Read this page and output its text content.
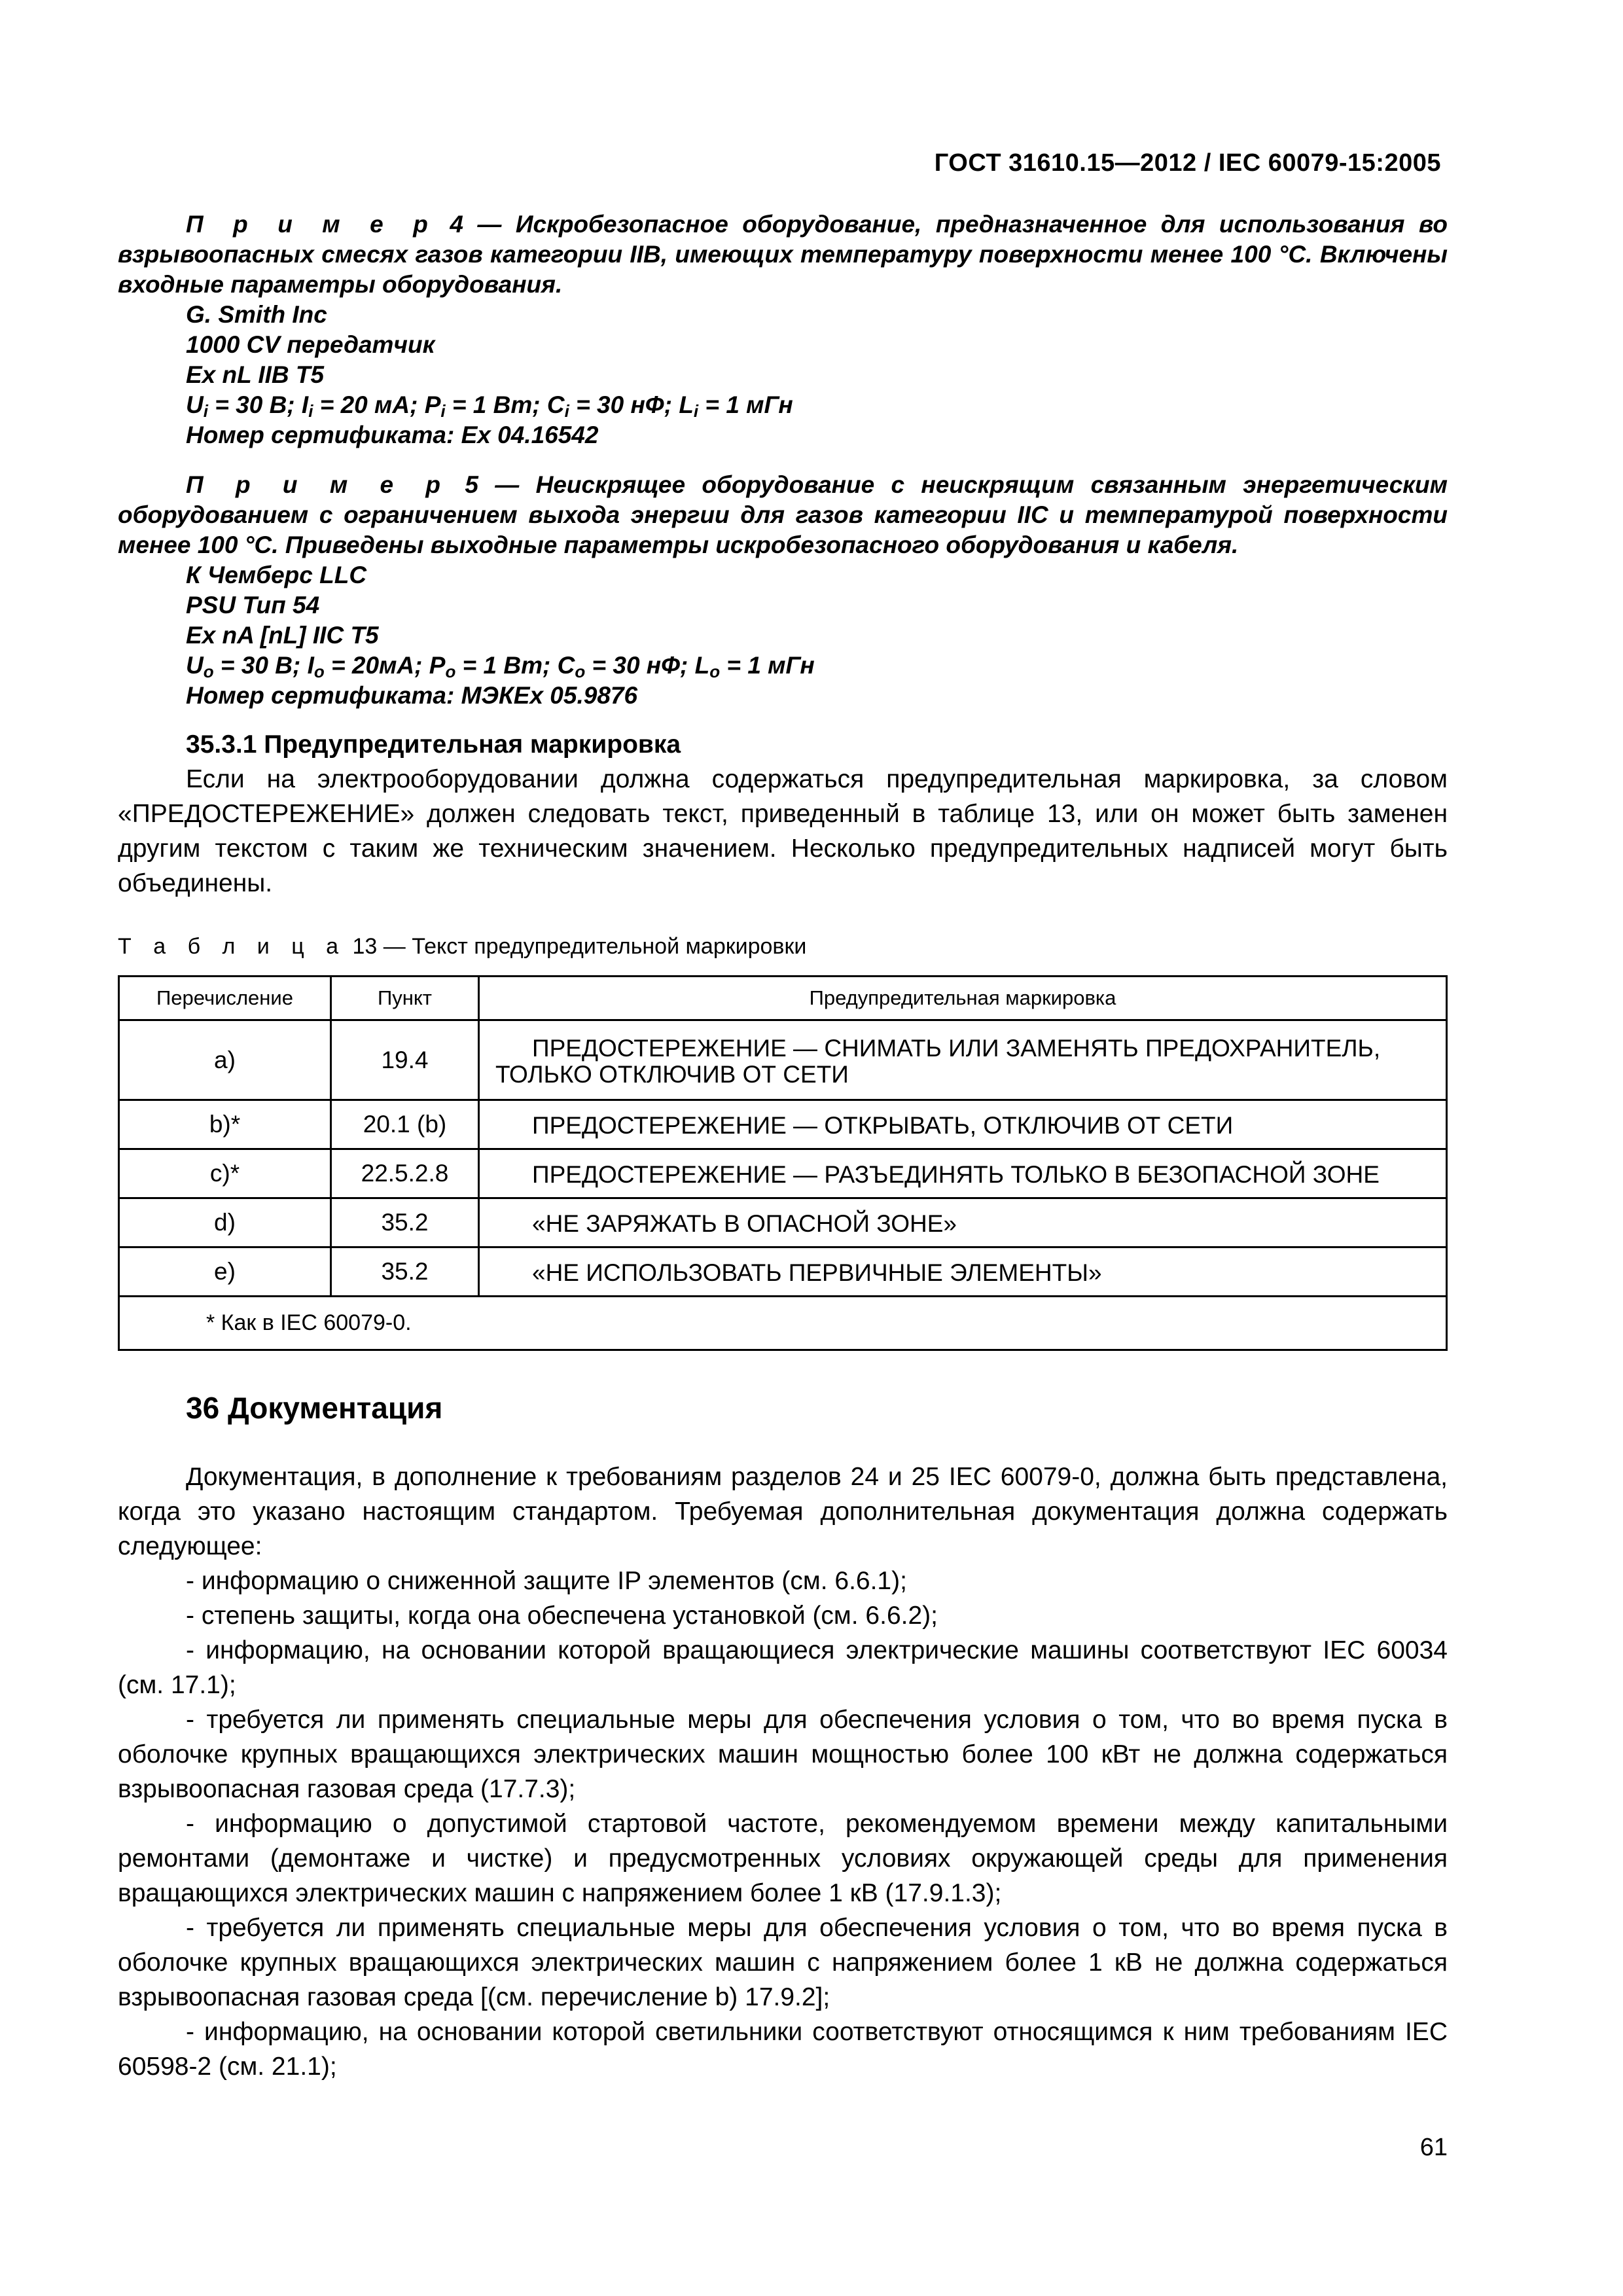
ГОСТ 31610.15—2012 / IEC 60079-15:2005

П р и м е р 4 — Искробезопасное оборудование, предназначенное для использования во взрывоопасных смесях газов категории IIB, имеющих температуру поверхности менее 100 °С. Включены входные параметры оборудования.

G. Smith Inc
1000 CV передатчик
Ex nL IIB T5
$U_i = 30$ В; $I_i = 20$ мА; $P_i = 1$ Вт; $C_i = 30$ нФ; $L_i = 1$ мГн
Номер сертификата: Ex 04.16542

П р и м е р 5 — Неискрящее оборудование с неискрящим связанным энергетическим оборудованием с ограничением выхода энергии для газов категории IIC и температурой поверхности менее 100 °С. Приведены выходные параметры искробезопасного оборудования и кабеля.

К Чемберс LLC
PSU Тип 54
Ex nA [nL] IIC T5
$U_o = 30$ В; $I_o = 20мА$; $P_o = 1$ Вт; $C_o = 30$ нФ; $L_o = 1$ мГн
Номер сертификата: МЭКEx 05.9876
35.3.1 Предупредительная маркировка

Если на электрооборудовании должна содержаться предупредительная маркировка, за словом «ПРЕДОСТЕРЕЖЕНИЕ» должен следовать текст, приведенный в таблице 13, или он может быть заменен другим текстом с таким же техническим значением. Несколько предупредительных надписей могут быть объединены.

Т а б л и ц а 13 — Текст предупредительной маркировки
Перечисление	Пункт	Предупредительная маркировка
а)	19.4	ПРЕДОСТЕРЕЖЕНИЕ — СНИМАТЬ ИЛИ ЗАМЕНЯТЬ ПРЕДОХРАНИТЕЛЬ, ТОЛЬКО ОТКЛЮЧИВ ОТ СЕТИ
b)*	20.1 (b)	ПРЕДОСТЕРЕЖЕНИЕ — ОТКРЫВАТЬ, ОТКЛЮЧИВ ОТ СЕТИ
c)*	22.5.2.8	ПРЕДОСТЕРЕЖЕНИЕ — РАЗЪЕДИНЯТЬ ТОЛЬКО В БЕЗОПАСНОЙ ЗОНЕ
d)	35.2	«НЕ ЗАРЯЖАТЬ В ОПАСНОЙ ЗОНЕ»
e)	35.2	«НЕ ИСПОЛЬЗОВАТЬ ПЕРВИЧНЫЕ ЭЛЕМЕНТЫ»
* Как в IEC 60079-0.		
36 Документация

Документация, в дополнение к требованиям разделов 24 и 25 IEC 60079-0, должна быть представлена, когда это указано настоящим стандартом. Требуемая дополнительная документация должна содержать следующее:

- информацию о сниженной защите IP элементов (см. 6.6.1);

- степень защиты, когда она обеспечена установкой (см. 6.6.2);

- информацию, на основании которой вращающиеся электрические машины соответствуют IEC 60034 (см. 17.1);

- требуется ли применять специальные меры для обеспечения условия о том, что во время пуска в оболочке крупных вращающихся электрических машин мощностью более 100 кВт не должна содержаться взрывоопасная газовая среда (17.7.3);

- информацию о допустимой стартовой частоте, рекомендуемом времени между капитальными ремонтами (демонтаже и чистке) и предусмотренных условиях окружающей среды для применения вращающихся электрических машин с напряжением более 1 кВ (17.9.1.3);

- требуется ли применять специальные меры для обеспечения условия о том, что во время пуска в оболочке крупных вращающихся электрических машин с напряжением более 1 кВ не должна содержаться взрывоопасная газовая среда [(см. перечисление b) 17.9.2];

- информацию, на основании которой светильники соответствуют относящимся к ним требованиям IEC 60598-2 (см. 21.1);

61
